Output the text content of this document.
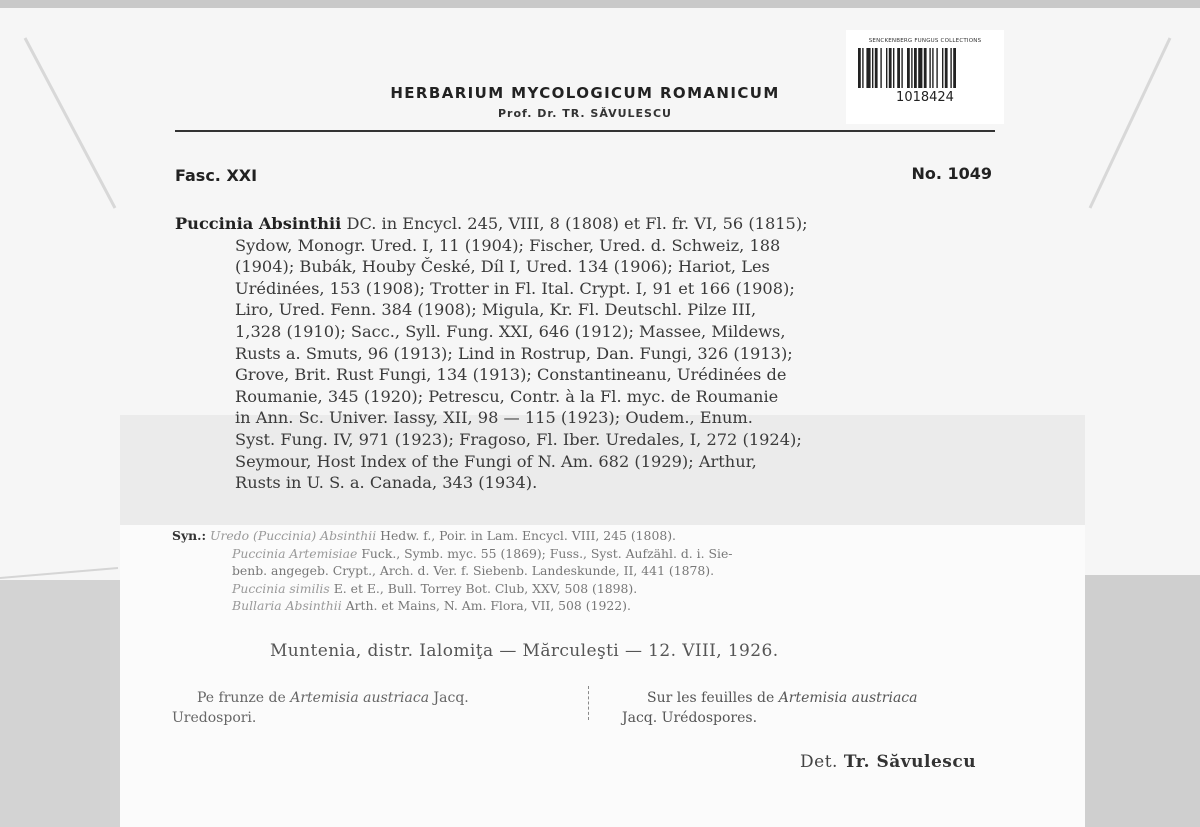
HERBARIUM MYCOLOGICUM ROMANICUM
Prof. Dr. TR. SĂVULESCU
SENCKENBERG FUNGUS COLLECTIONS
1018424
Fasc. XXI	No. 1049
Puccinia Absinthii DC. in Encycl. 245, VIII, 8 (1808) et Fl. fr. VI, 56 (1815);
Sydow, Monogr. Ured. I, 11 (1904); Fischer, Ured. d. Schweiz, 188
(1904); Bubák, Houby České, Díl I, Ured. 134 (1906); Hariot, Les
Urédinées, 153 (1908); Trotter in Fl. Ital. Crypt. I, 91 et 166 (1908);
Liro, Ured. Fenn. 384 (1908); Migula, Kr. Fl. Deutschl. Pilze III,
1,328 (1910); Sacc., Syll. Fung. XXI, 646 (1912); Massee, Mildews,
Rusts a. Smuts, 96 (1913); Lind in Rostrup, Dan. Fungi, 326 (1913);
Grove, Brit. Rust Fungi, 134 (1913); Constantineanu, Urédinées de
Roumanie, 345 (1920); Petrescu, Contr. à la Fl. myc. de Roumanie
in Ann. Sc. Univer. Iassy, XII, 98 — 115 (1923); Oudem., Enum.
Syst. Fung. IV, 971 (1923); Fragoso, Fl. Iber. Uredales, I, 272 (1924);
Seymour, Host Index of the Fungi of N. Am. 682 (1929); Arthur,
Rusts in U. S. a. Canada, 343 (1934).
Syn.: Uredo (Puccinia) Absinthii Hedw. f., Poir. in Lam. Encycl. VIII, 245 (1808).
Puccinia Artemisiae Fuck., Symb. myc. 55 (1869); Fuss., Syst. Aufzähl. d. i. Sie-
benb. angegeb. Crypt., Arch. d. Ver. f. Siebenb. Landeskunde, II, 441 (1878).
Puccinia similis E. et E., Bull. Torrey Bot. Club, XXV, 508 (1898).
Bullaria Absinthii Arth. et Mains, N. Am. Flora, VII, 508 (1922).
Muntenia, distr. Ialomiţa — Mărculeşti — 12. VIII, 1926.
Pe frunze de Artemisia austriaca Jacq.
Uredospori.
Sur les feuilles de Artemisia austriaca
Jacq. Urédospores.
Det. Tr. Săvulescu
